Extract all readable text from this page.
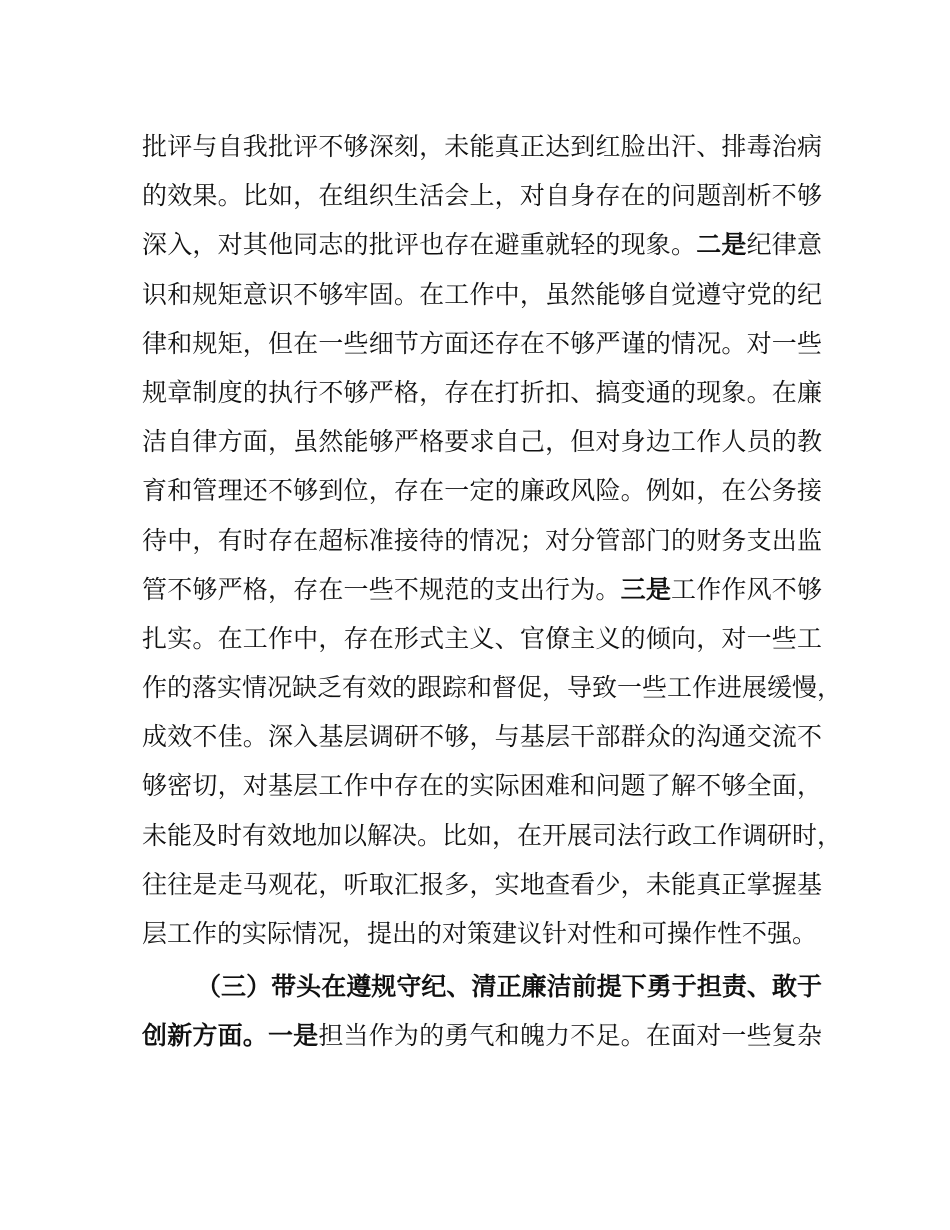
批评与自我批评不够深刻，未能真正达到红脸出汗、排毒治病
的效果。比如，在组织生活会上，对自身存在的问题剖析不够
深入，对其他同志的批评也存在避重就轻的现象。二是纪律意
识和规矩意识不够牢固。在工作中，虽然能够自觉遵守党的纪
律和规矩，但在一些细节方面还存在不够严谨的情况。对一些
规章制度的执行不够严格，存在打折扣、搞变通的现象。在廉
洁自律方面，虽然能够严格要求自己，但对身边工作人员的教
育和管理还不够到位，存在一定的廉政风险。例如，在公务接
待中，有时存在超标准接待的情况；对分管部门的财务支出监
管不够严格，存在一些不规范的支出行为。三是工作作风不够
扎实。在工作中，存在形式主义、官僚主义的倾向，对一些工
作的落实情况缺乏有效的跟踪和督促，导致一些工作进展缓慢，
成效不佳。深入基层调研不够，与基层干部群众的沟通交流不
够密切，对基层工作中存在的实际困难和问题了解不够全面，
未能及时有效地加以解决。比如，在开展司法行政工作调研时，
往往是走马观花，听取汇报多，实地查看少，未能真正掌握基
层工作的实际情况，提出的对策建议针对性和可操作性不强。
（三）带头在遵规守纪、清正廉洁前提下勇于担责、敢于
创新方面。一是担当作为的勇气和魄力不足。在面对一些复杂
